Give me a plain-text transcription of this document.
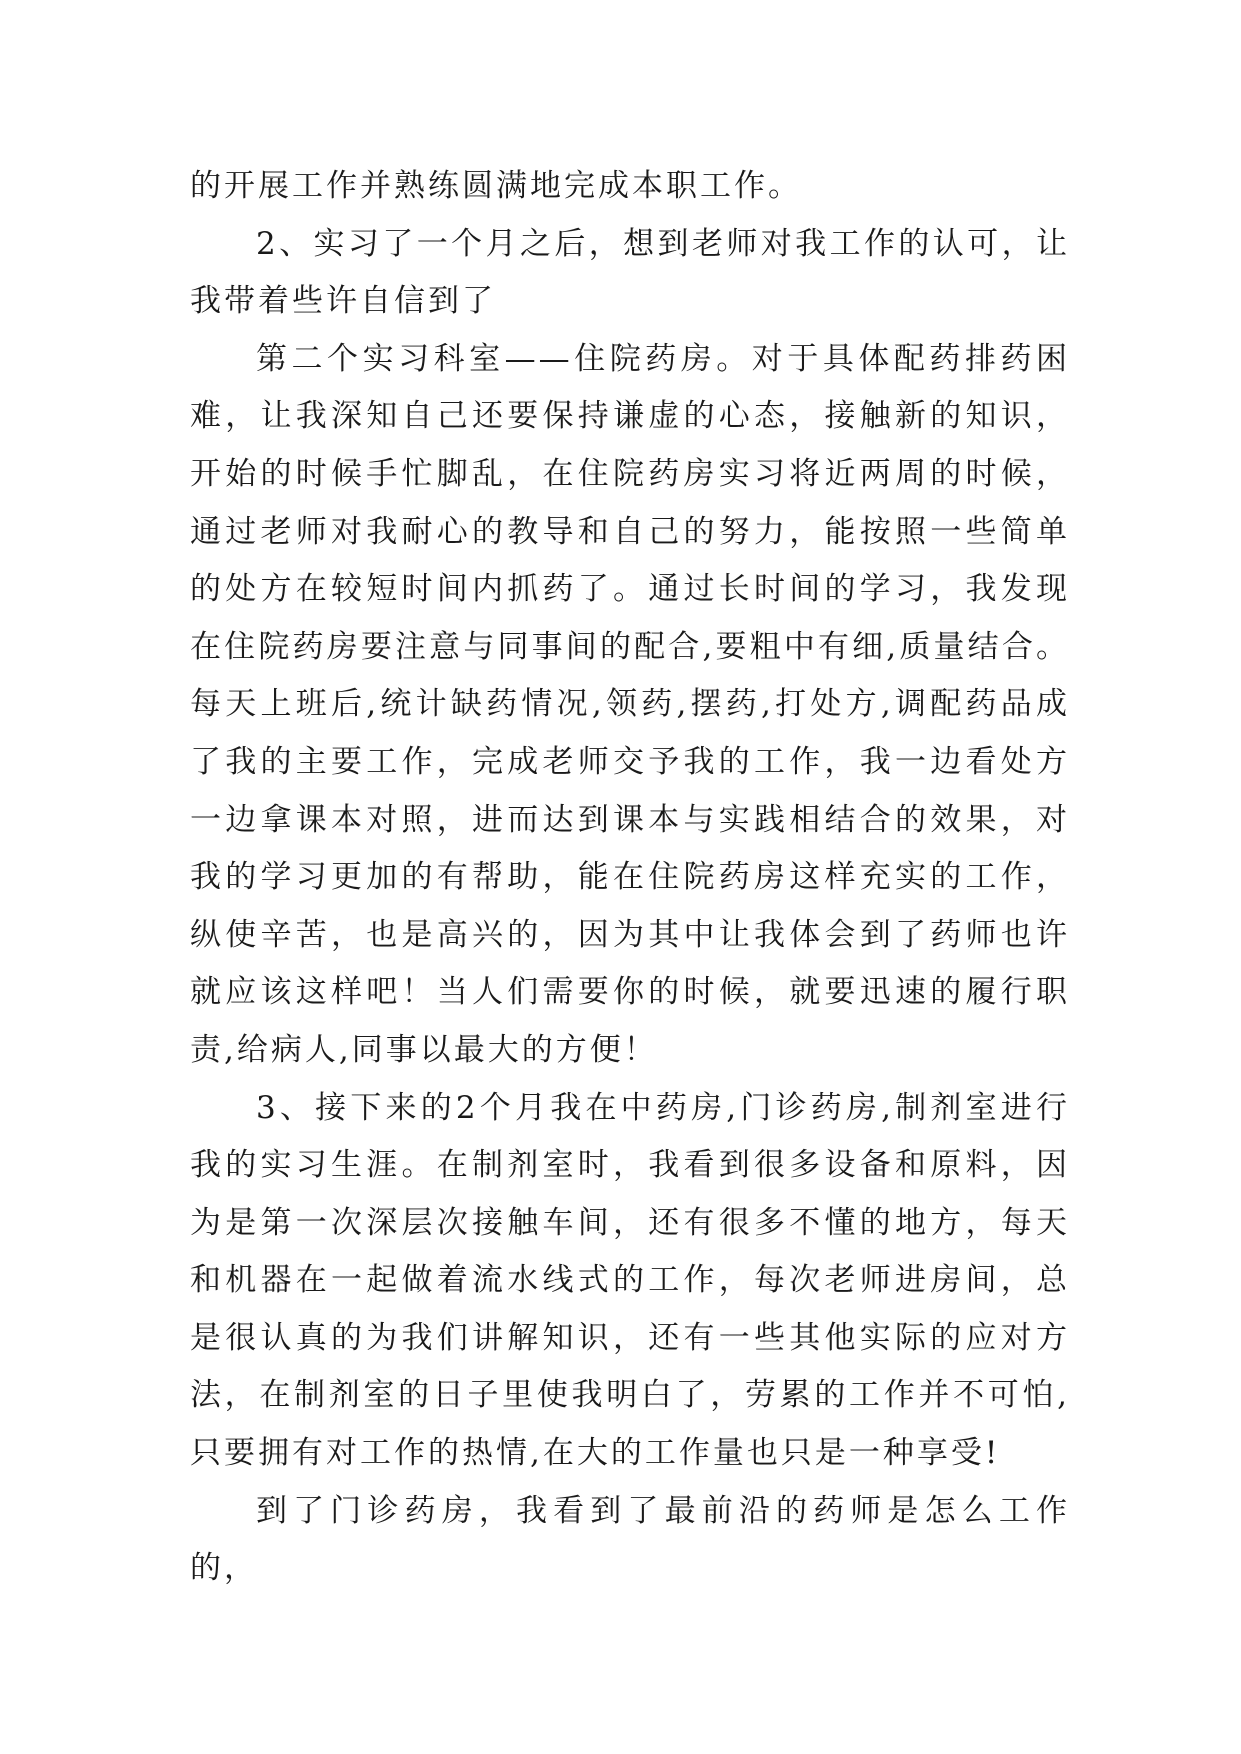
的开展工作并熟练圆满地完成本职工作。

2、实习了一个月之后，想到老师对我工作的认可，让我带着些许自信到了

第二个实习科室——住院药房。对于具体配药排药困难，让我深知自己还要保持谦虚的心态，接触新的知识，开始的时候手忙脚乱，在住院药房实习将近两周的时候，通过老师对我耐心的教导和自己的努力，能按照一些简单的处方在较短时间内抓药了。通过长时间的学习，我发现在住院药房要注意与同事间的配合,要粗中有细,质量结合。每天上班后,统计缺药情况,领药,摆药,打处方,调配药品成了我的主要工作，完成老师交予我的工作，我一边看处方一边拿课本对照，进而达到课本与实践相结合的效果，对我的学习更加的有帮助，能在住院药房这样充实的工作，纵使辛苦，也是高兴的，因为其中让我体会到了药师也许就应该这样吧！当人们需要你的时候，就要迅速的履行职责,给病人,同事以最大的方便！

3、接下来的2个月我在中药房,门诊药房,制剂室进行我的实习生涯。在制剂室时，我看到很多设备和原料，因为是第一次深层次接触车间，还有很多不懂的地方，每天和机器在一起做着流水线式的工作，每次老师进房间，总是很认真的为我们讲解知识，还有一些其他实际的应对方法，在制剂室的日子里使我明白了，劳累的工作并不可怕,只要拥有对工作的热情,在大的工作量也只是一种享受!

到了门诊药房，我看到了最前沿的药师是怎么工作的，
